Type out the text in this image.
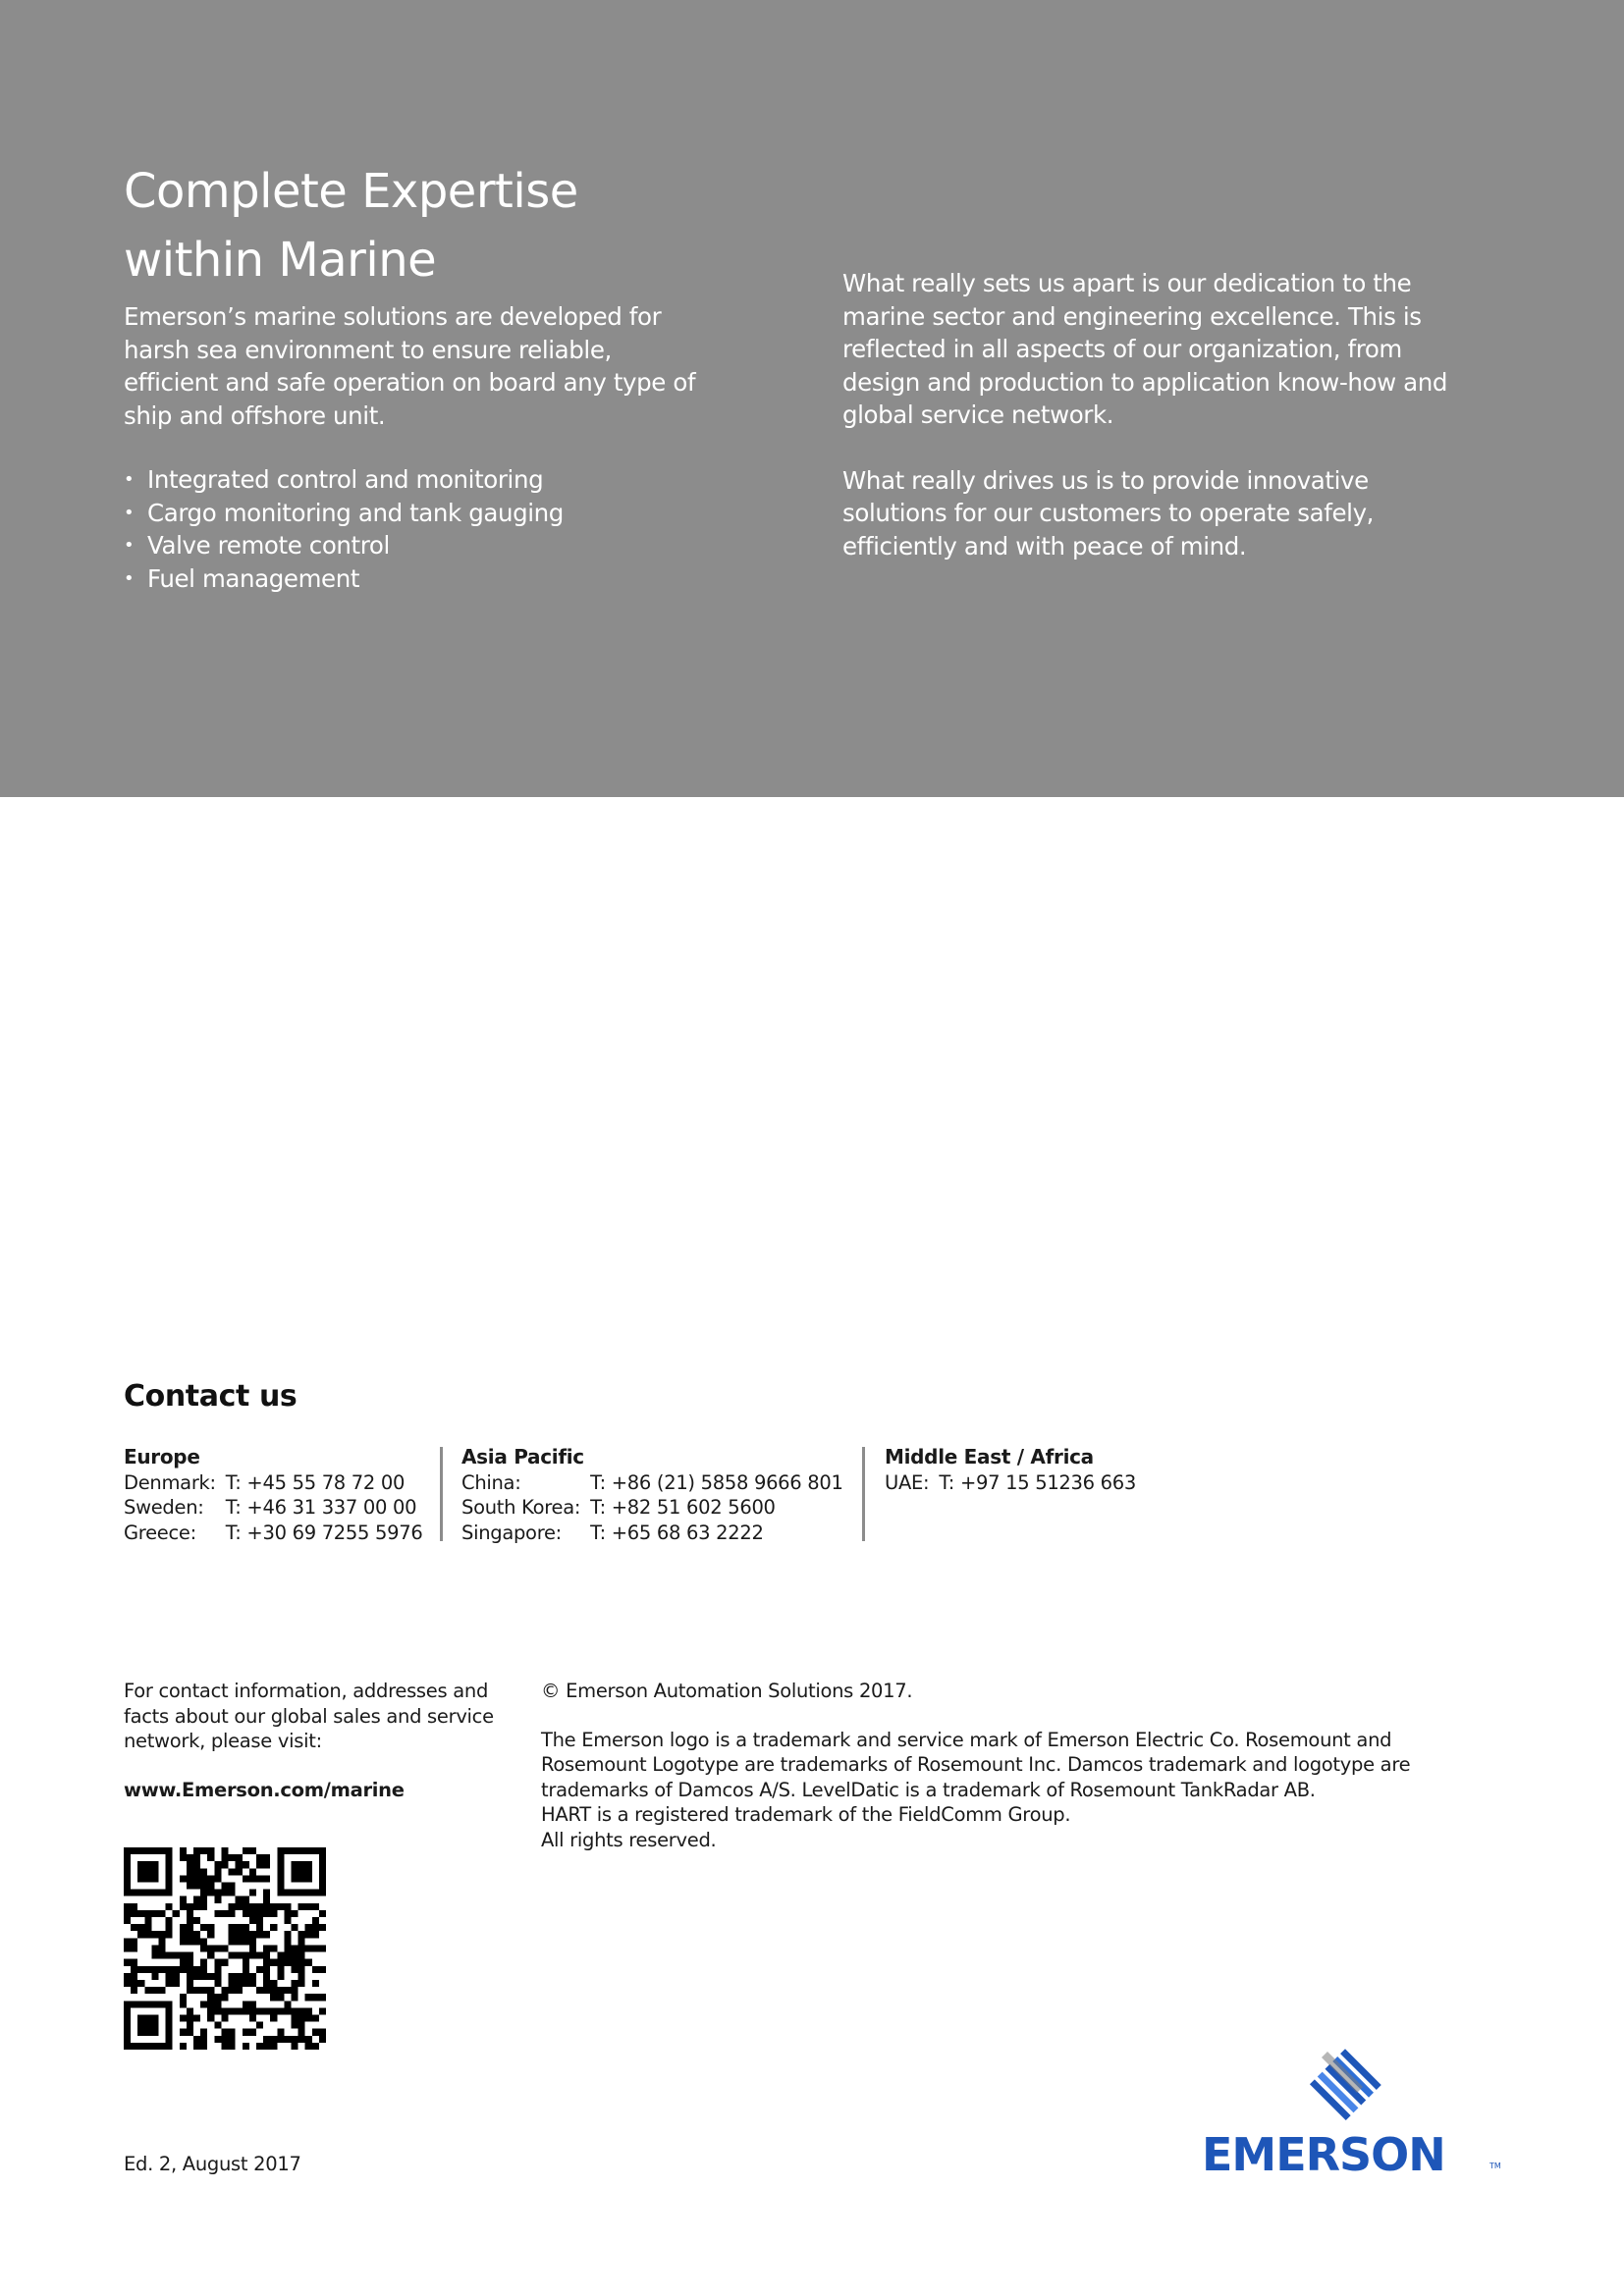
Complete Expertise
within Marine

Emerson’s marine solutions are developed for harsh sea environment to ensure reliable, efficient and safe operation on board any type of ship and offshore unit.

• Integrated control and monitoring
• Cargo monitoring and tank gauging
• Valve remote control
• Fuel management

What really sets us apart is our dedication to the marine sector and engineering excellence. This is reflected in all aspects of our organization, from design and production to application know-how and global service network.

What really drives us is to provide innovative solutions for our customers to operate safely, efficiently and with peace of mind.

Contact us
Europe
Denmark:	T: +45 55 78 72 00
Sweden:	T: +46 31 337 00 00
Greece:	T: +30 69 7255 5976
Asia Pacific
China:	T: +86 (21) 5858 9666 801
South Korea:	T: +82 51 602 5600
Singapore:	T: +65 68 63 2222
Middle East / Africa
UAE:	T: +97 15 51236 663

For contact information, addresses and facts about our global sales and service network, please visit:

www.Emerson.com/marine

© Emerson Automation Solutions 2017.

The Emerson logo is a trademark and service mark of Emerson Electric Co. Rosemount and

Rosemount Logotype are trademarks of Rosemount Inc. Damcos trademark and logotype are

trademarks of Damcos A/S. LevelDatic is a trademark of Rosemount TankRadar AB.

HART is a registered trademark of the FieldComm Group.

All rights reserved.

Ed. 2, August 2017	EMERSON	TM
